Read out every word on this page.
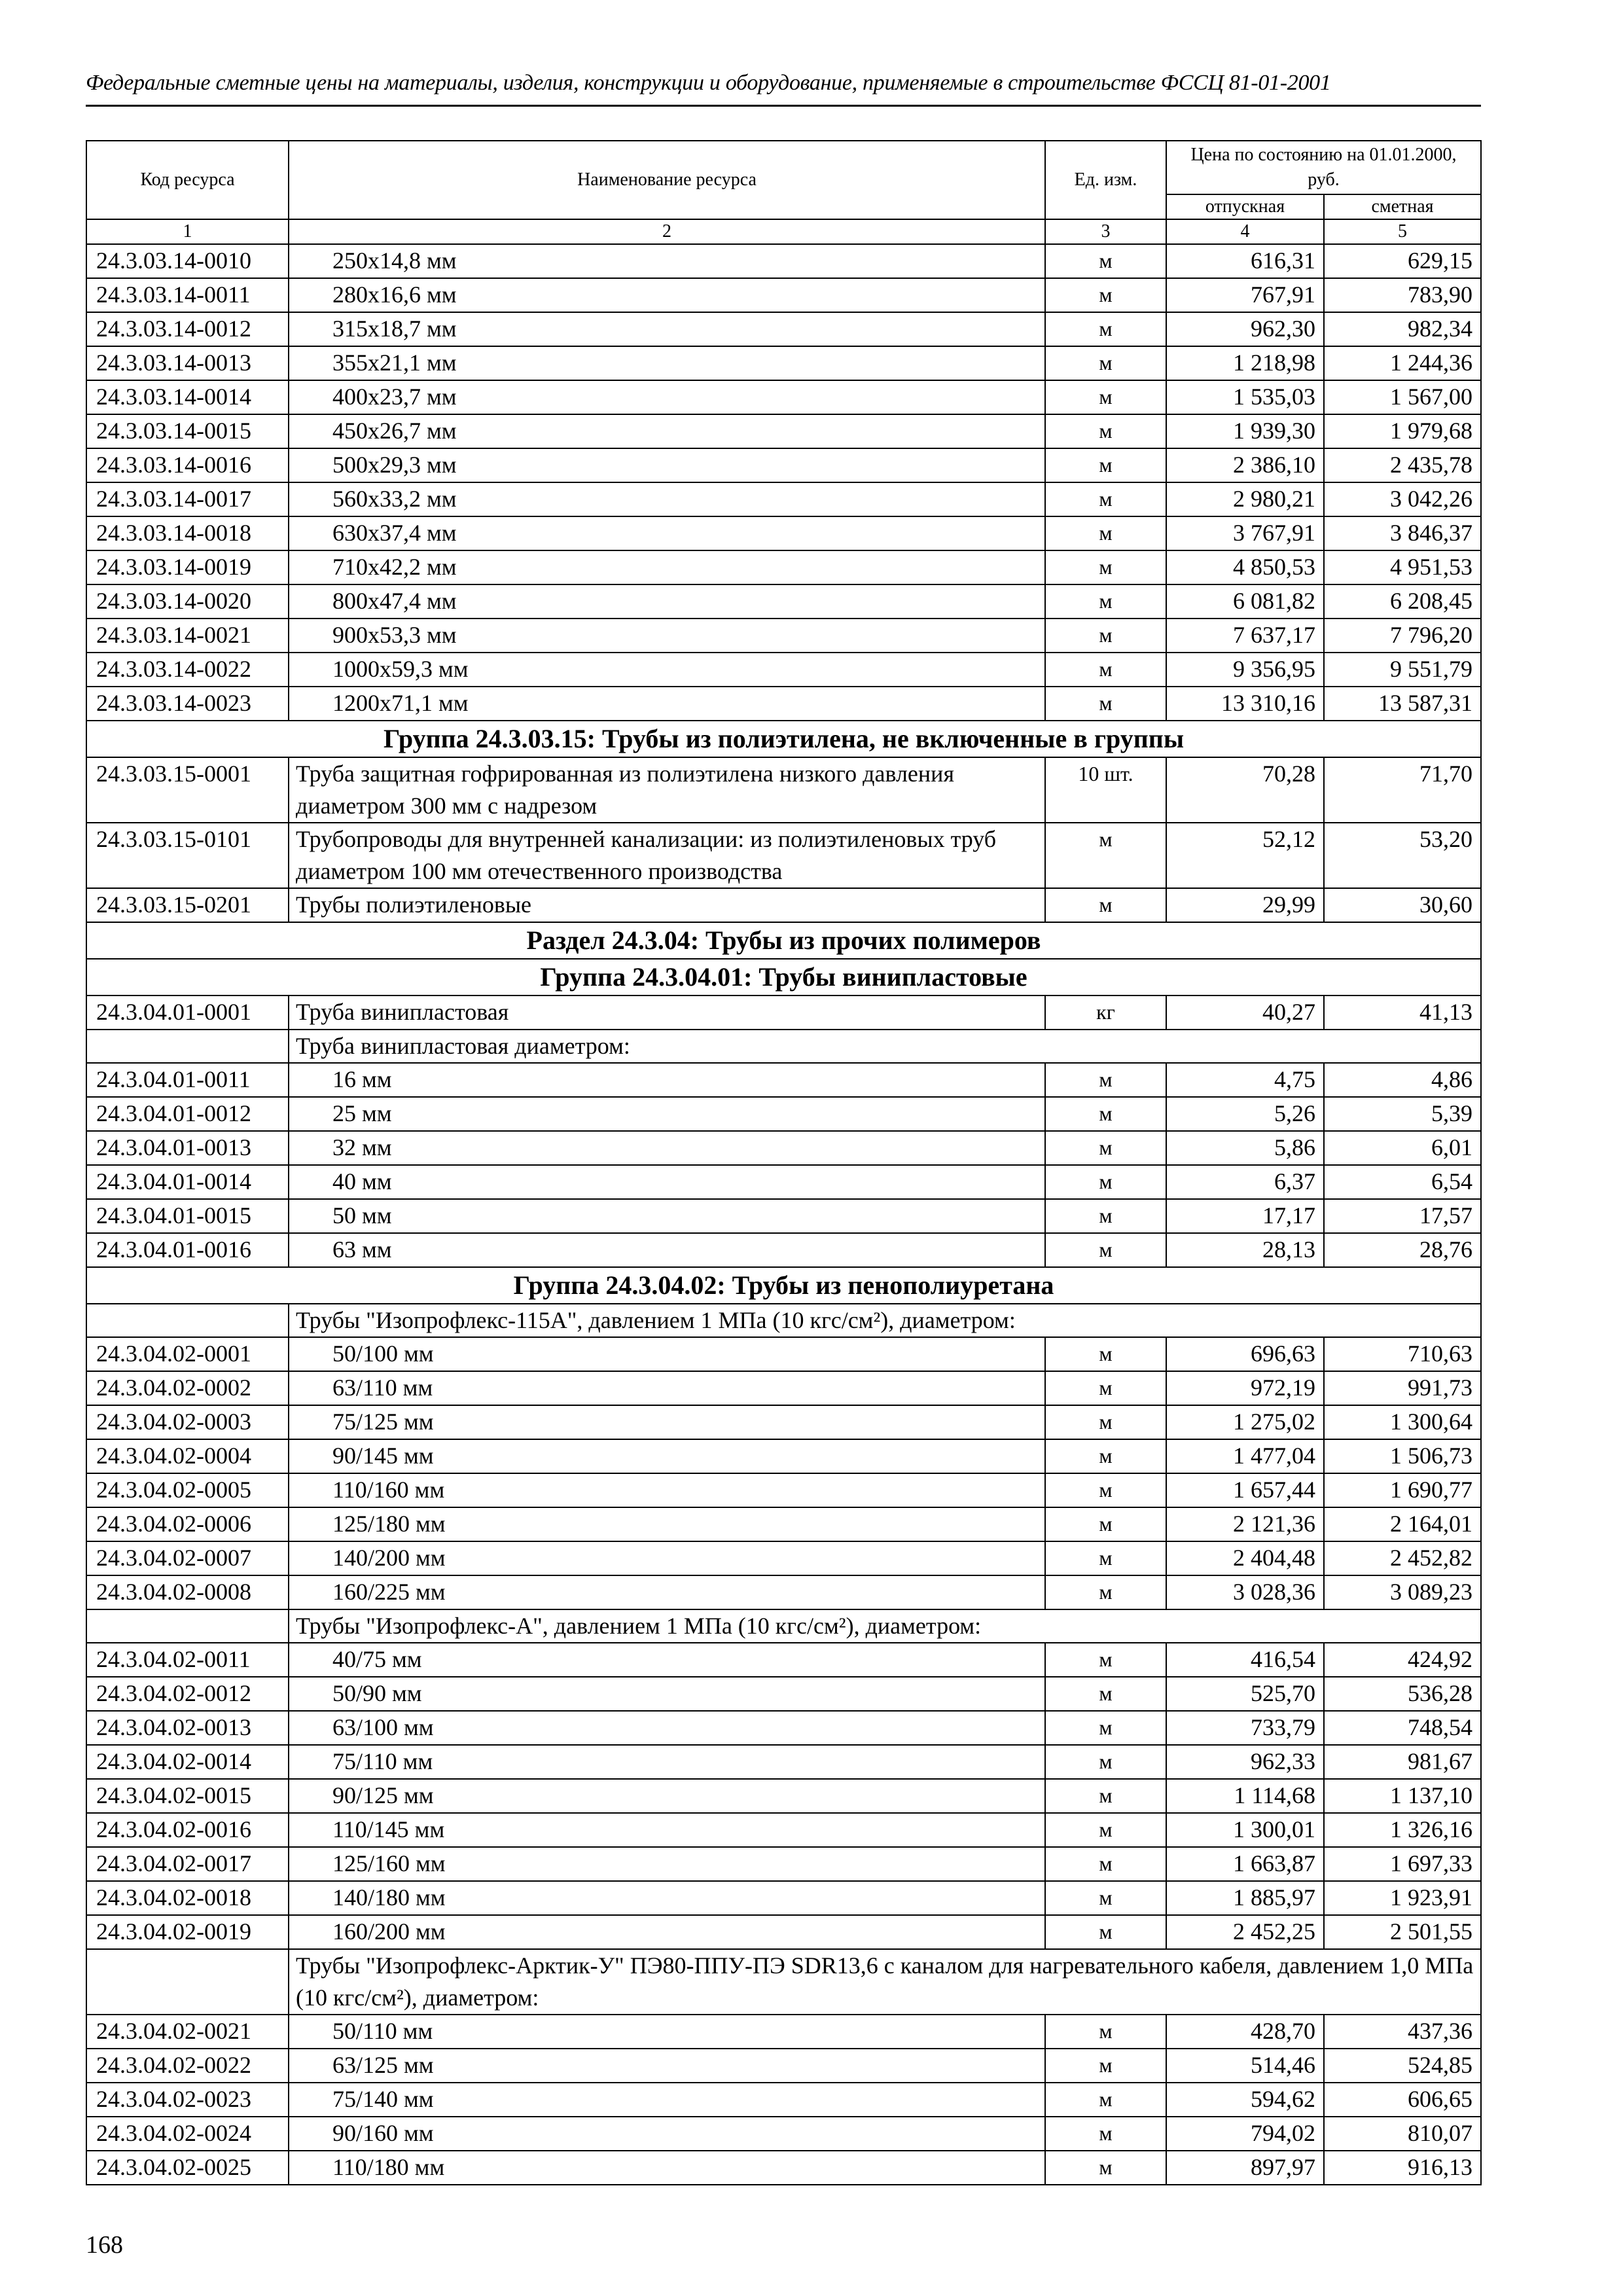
Федеральные сметные цены на материалы, изделия, конструкции и оборудование, применяемые в строительстве ФССЦ 81-01-2001
Код ресурса	Наименование ресурса	Ед. изм.	Цена по состоянию на 01.01.2000, руб.	
			отпускная	сметная
1	2	3	4	5
24.3.03.14-0010	250x14,8 мм	м	616,31	629,15
24.3.03.14-0011	280x16,6 мм	м	767,91	783,90
24.3.03.14-0012	315x18,7 мм	м	962,30	982,34
24.3.03.14-0013	355x21,1 мм	м	1 218,98	1 244,36
24.3.03.14-0014	400x23,7 мм	м	1 535,03	1 567,00
24.3.03.14-0015	450x26,7 мм	м	1 939,30	1 979,68
24.3.03.14-0016	500x29,3 мм	м	2 386,10	2 435,78
24.3.03.14-0017	560x33,2 мм	м	2 980,21	3 042,26
24.3.03.14-0018	630x37,4 мм	м	3 767,91	3 846,37
24.3.03.14-0019	710x42,2 мм	м	4 850,53	4 951,53
24.3.03.14-0020	800x47,4 мм	м	6 081,82	6 208,45
24.3.03.14-0021	900x53,3 мм	м	7 637,17	7 796,20
24.3.03.14-0022	1000x59,3 мм	м	9 356,95	9 551,79
24.3.03.14-0023	1200x71,1 мм	м	13 310,16	13 587,31
Группа 24.3.03.15: Трубы из полиэтилена, не включенные в группы				
24.3.03.15-0001	Труба защитная гофрированная из полиэтилена низкого давления диаметром 300 мм с надрезом	10 шт.	70,28	71,70
24.3.03.15-0101	Трубопроводы для внутренней канализации: из полиэтиленовых труб диаметром 100 мм отечественного производства	м	52,12	53,20
24.3.03.15-0201	Трубы полиэтиленовые	м	29,99	30,60
Раздел 24.3.04: Трубы из прочих полимеров				
Группа 24.3.04.01: Трубы винипластовые				
24.3.04.01-0001	Труба винипластовая	кг	40,27	41,13
	Труба винипластовая диаметром:			
24.3.04.01-0011	16 мм	м	4,75	4,86
24.3.04.01-0012	25 мм	м	5,26	5,39
24.3.04.01-0013	32 мм	м	5,86	6,01
24.3.04.01-0014	40 мм	м	6,37	6,54
24.3.04.01-0015	50 мм	м	17,17	17,57
24.3.04.01-0016	63 мм	м	28,13	28,76
Группа 24.3.04.02: Трубы из пенополиуретана				
	Трубы "Изопрофлекс-115А", давлением 1 МПа (10 кгс/см²), диаметром:			
24.3.04.02-0001	50/100 мм	м	696,63	710,63
24.3.04.02-0002	63/110 мм	м	972,19	991,73
24.3.04.02-0003	75/125 мм	м	1 275,02	1 300,64
24.3.04.02-0004	90/145 мм	м	1 477,04	1 506,73
24.3.04.02-0005	110/160 мм	м	1 657,44	1 690,77
24.3.04.02-0006	125/180 мм	м	2 121,36	2 164,01
24.3.04.02-0007	140/200 мм	м	2 404,48	2 452,82
24.3.04.02-0008	160/225 мм	м	3 028,36	3 089,23
	Трубы "Изопрофлекс-А", давлением 1 МПа (10 кгс/см²), диаметром:			
24.3.04.02-0011	40/75 мм	м	416,54	424,92
24.3.04.02-0012	50/90 мм	м	525,70	536,28
24.3.04.02-0013	63/100 мм	м	733,79	748,54
24.3.04.02-0014	75/110 мм	м	962,33	981,67
24.3.04.02-0015	90/125 мм	м	1 114,68	1 137,10
24.3.04.02-0016	110/145 мм	м	1 300,01	1 326,16
24.3.04.02-0017	125/160 мм	м	1 663,87	1 697,33
24.3.04.02-0018	140/180 мм	м	1 885,97	1 923,91
24.3.04.02-0019	160/200 мм	м	2 452,25	2 501,55
	Трубы "Изопрофлекс-Арктик-У" ПЭ80-ППУ-ПЭ SDR13,6 с каналом для нагревательного кабеля, давлением 1,0 МПа (10 кгс/см²), диаметром:			
24.3.04.02-0021	50/110 мм	м	428,70	437,36
24.3.04.02-0022	63/125 мм	м	514,46	524,85
24.3.04.02-0023	75/140 мм	м	594,62	606,65
24.3.04.02-0024	90/160 мм	м	794,02	810,07
24.3.04.02-0025	110/180 мм	м	897,97	916,13
168
